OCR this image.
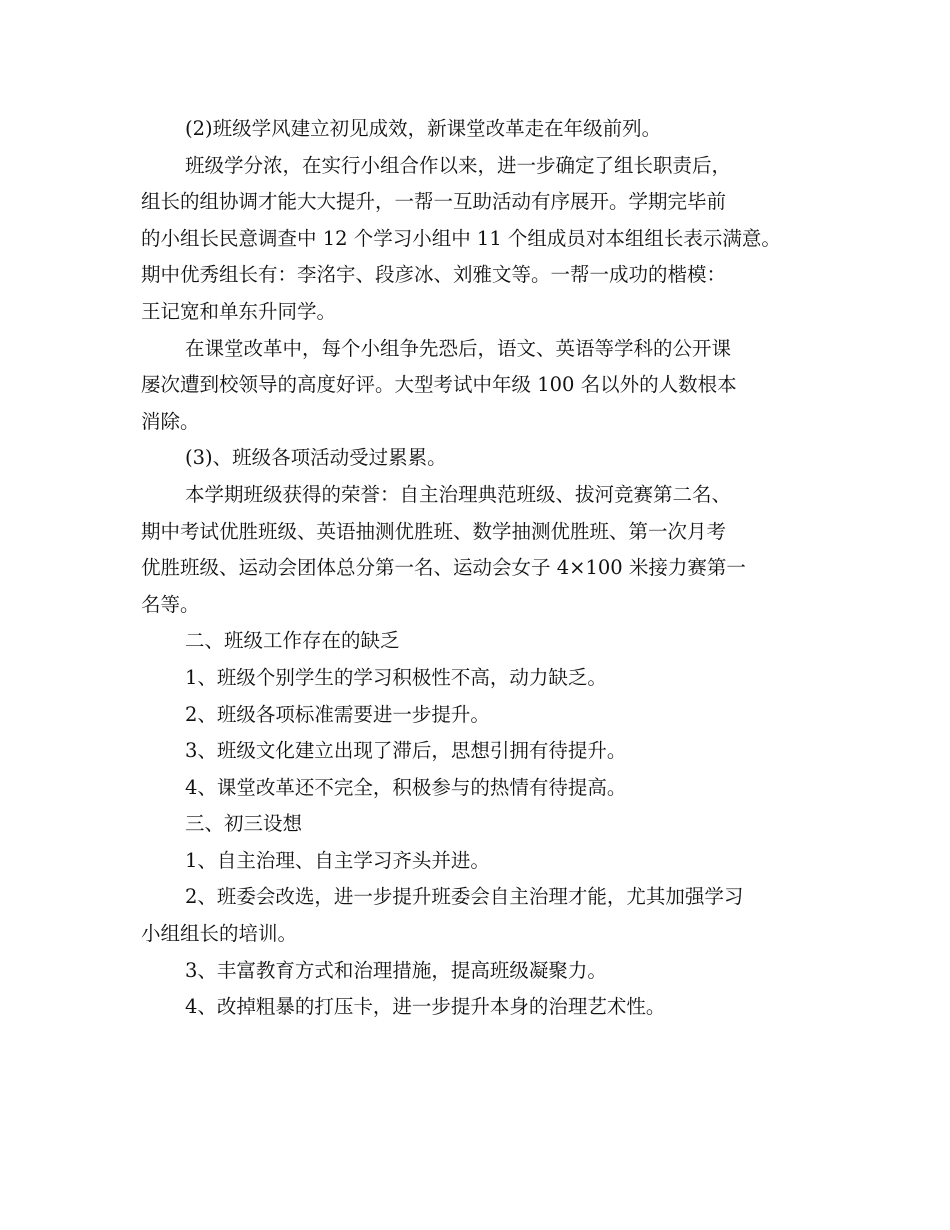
(2)班级学风建立初见成效，新课堂改革走在年级前列。
班级学分浓，在实行小组合作以来，进一步确定了组长职责后，
组长的组协调才能大大提升，一帮一互助活动有序展开。学期完毕前
的小组长民意调查中 12 个学习小组中 11 个组成员对本组组长表示满意。
期中优秀组长有：李洺宇、段彦冰、刘雅文等。一帮一成功的楷模：
王记宽和单东升同学。
在课堂改革中，每个小组争先恐后，语文、英语等学科的公开课
屡次遭到校领导的高度好评。大型考试中年级 100 名以外的人数根本
消除。
(3)、班级各项活动受过累累。
本学期班级获得的荣誉：自主治理典范班级、拔河竞赛第二名、
期中考试优胜班级、英语抽测优胜班、数学抽测优胜班、第一次月考
优胜班级、运动会团体总分第一名、运动会女子 4×100 米接力赛第一
名等。
二、班级工作存在的缺乏
1、班级个别学生的学习积极性不高，动力缺乏。
2、班级各项标准需要进一步提升。
3、班级文化建立出现了滞后，思想引拥有待提升。
4、课堂改革还不完全，积极参与的热情有待提高。
三、初三设想
1、自主治理、自主学习齐头并进。
2、班委会改选，进一步提升班委会自主治理才能，尤其加强学习
小组组长的培训。
3、丰富教育方式和治理措施，提高班级凝聚力。
4、改掉粗暴的打压卡，进一步提升本身的治理艺术性。
